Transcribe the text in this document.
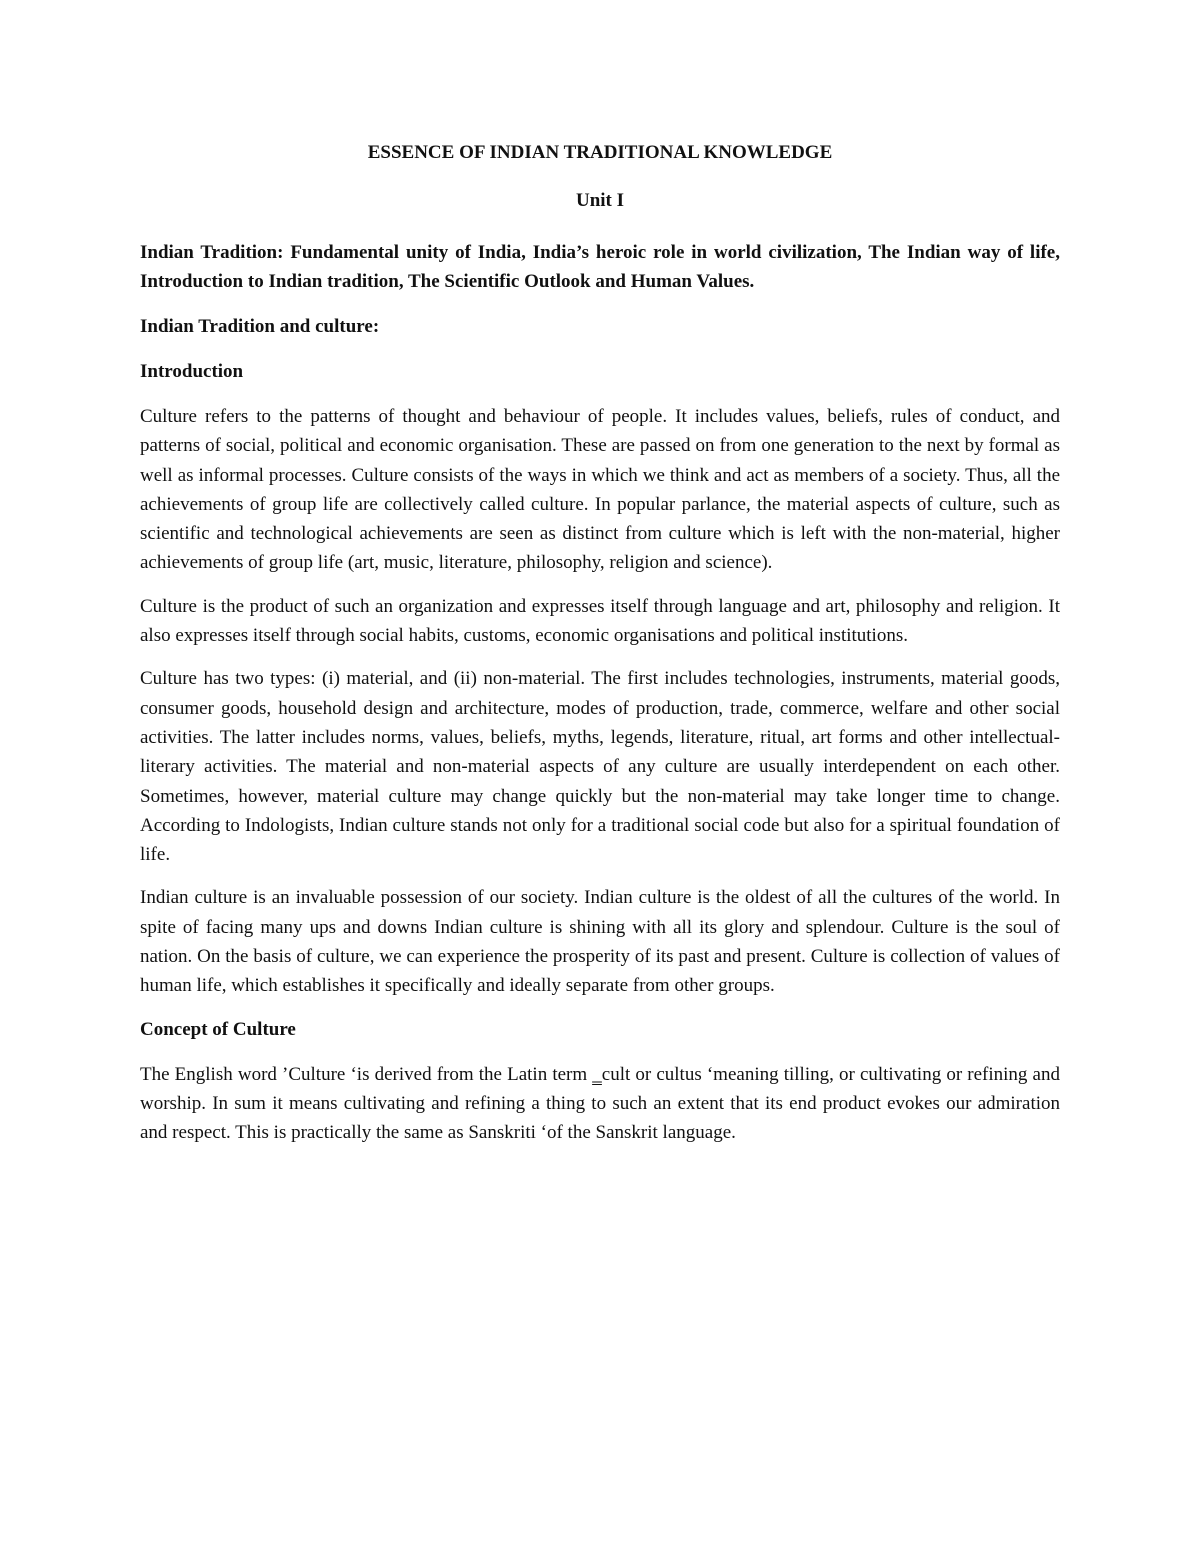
ESSENCE OF INDIAN TRADITIONAL KNOWLEDGE
Unit I

Indian Tradition: Fundamental unity of India, India’s heroic role in world civilization, The Indian way of life, Introduction to Indian tradition, The Scientific Outlook and Human Values.

Indian Tradition and culture:
Introduction

Culture refers to the patterns of thought and behaviour of people. It includes values, beliefs, rules of conduct, and patterns of social, political and economic organisation. These are passed on from one generation to the next by formal as well as informal processes. Culture consists of the ways in which we think and act as members of a society. Thus, all the achievements of group life are collectively called culture. In popular parlance, the material aspects of culture, such as scientific and technological achievements are seen as distinct from culture which is left with the non-material, higher achievements of group life (art, music, literature, philosophy, religion and science).

Culture is the product of such an organization and expresses itself through language and art, philosophy and religion. It also expresses itself through social habits, customs, economic organisations and political institutions.

Culture has two types: (i) material, and (ii) non-material. The first includes technologies, instruments, material goods, consumer goods, household design and architecture, modes of production, trade, commerce, welfare and other social activities. The latter includes norms, values, beliefs, myths, legends, literature, ritual, art forms and other intellectual-literary activities. The material and non-material aspects of any culture are usually interdependent on each other. Sometimes, however, material culture may change quickly but the non-material may take longer time to change. According to Indologists, Indian culture stands not only for a traditional social code but also for a spiritual foundation of life.

Indian culture is an invaluable possession of our society. Indian culture is the oldest of all the cultures of the world. In spite of facing many ups and downs Indian culture is shining with all its glory and splendour. Culture is the soul of nation. On the basis of culture, we can experience the prosperity of its past and present. Culture is collection of values of human life, which establishes it specifically and ideally separate from other groups.

Concept of Culture

The English word ’Culture ‘is derived from the Latin term ‗cult or cultus ‘meaning tilling, or cultivating or refining and worship. In sum it means cultivating and refining a thing to such an extent that its end product evokes our admiration and respect. This is practically the same as Sanskriti ‘of the Sanskrit language.
